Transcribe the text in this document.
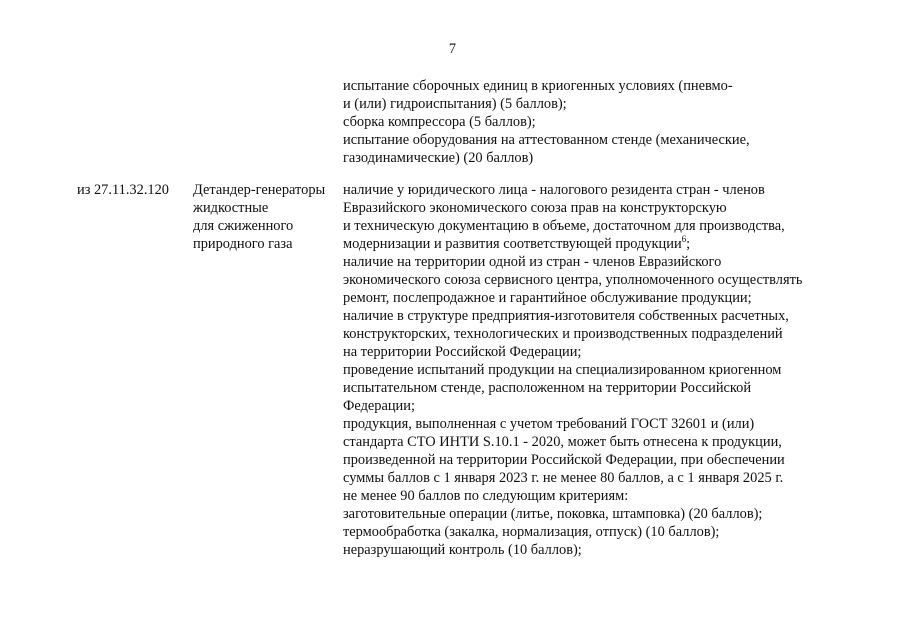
7
испытание сборочных единиц в криогенных условиях (пневмо-
и (или) гидроиспытания) (5 баллов);
сборка компрессора (5 баллов);
испытание оборудования на аттестованном стенде (механические,
газодинамические) (20 баллов)
из 27.11.32.120	Детандер-генераторы
жидкостные
для сжиженного
природного газа
наличие у юридического лица - налогового резидента стран - членов
Евразийского экономического союза прав на конструкторскую
и техническую документацию в объеме, достаточном для производства,
модернизации и развития соответствующей продукции$^6$;
наличие на территории одной из стран - членов Евразийского
экономического союза сервисного центра, уполномоченного осуществлять
ремонт, послепродажное и гарантийное обслуживание продукции;
наличие в структуре предприятия-изготовителя собственных расчетных,
конструкторских, технологических и производственных подразделений
на территории Российской Федерации;
проведение испытаний продукции на специализированном криогенном
испытательном стенде, расположенном на территории Российской
Федерации;
продукция, выполненная с учетом требований ГОСТ 32601 и (или)
стандарта СТО ИНТИ S.10.1 - 2020, может быть отнесена к продукции,
произведенной на территории Российской Федерации, при обеспечении
суммы баллов с 1 января 2023 г. не менее 80 баллов, а с 1 января 2025 г.
не менее 90 баллов по следующим критериям:
заготовительные операции (литье, поковка, штамповка) (20 баллов);
термообработка (закалка, нормализация, отпуск) (10 баллов);
неразрушающий контроль (10 баллов);
